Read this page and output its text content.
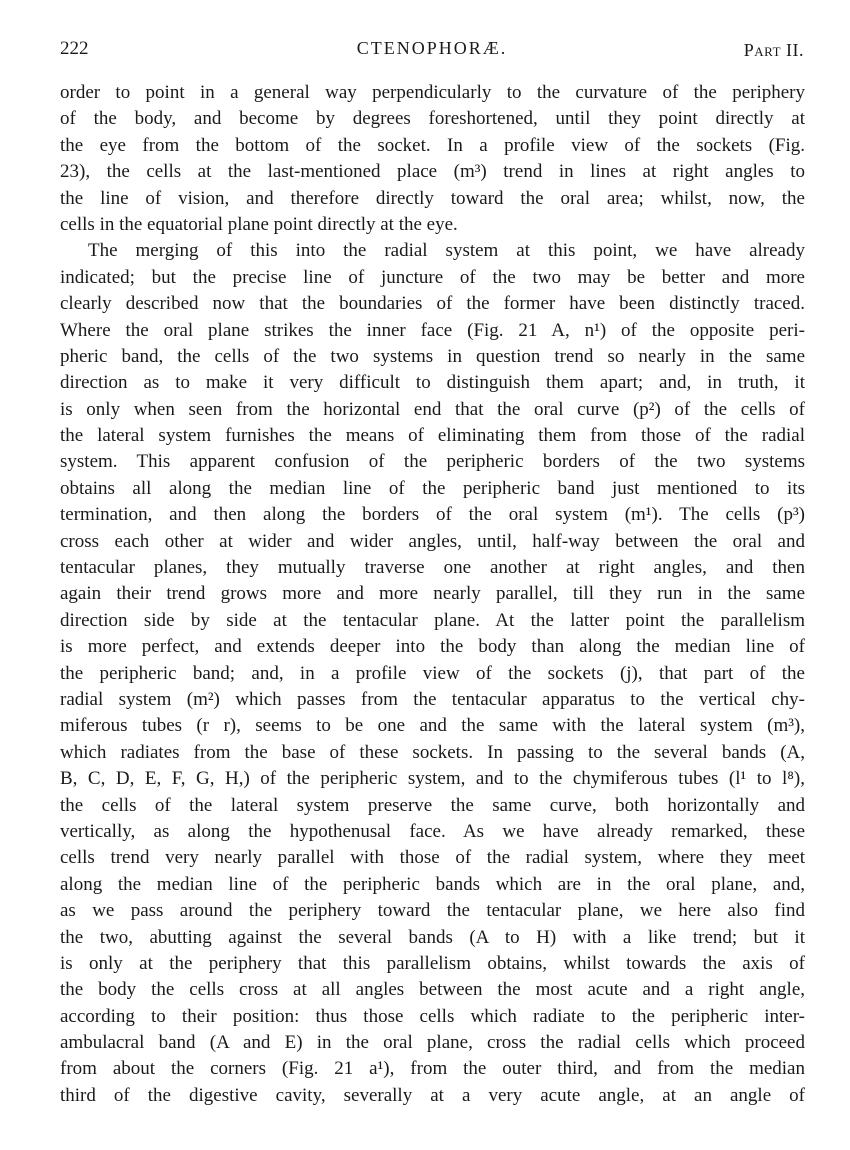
222	CTENOPHORÆ.	Part II.
order to point in a general way perpendicularly to the curvature of the periphery
of the body, and become by degrees foreshortened, until they point directly at
the eye from the bottom of the socket. In a profile view of the sockets (Fig.
23), the cells at the last-mentioned place (m³) trend in lines at right angles to
the line of vision, and therefore directly toward the oral area; whilst, now, the
cells in the equatorial plane point directly at the eye.
The merging of this into the radial system at this point, we have already
indicated; but the precise line of juncture of the two may be better and more
clearly described now that the boundaries of the former have been distinctly traced.
Where the oral plane strikes the inner face (Fig. 21 A, n¹) of the opposite peri-
pheric band, the cells of the two systems in question trend so nearly in the same
direction as to make it very difficult to distinguish them apart; and, in truth, it
is only when seen from the horizontal end that the oral curve (p²) of the cells of
the lateral system furnishes the means of eliminating them from those of the radial
system. This apparent confusion of the peripheric borders of the two systems
obtains all along the median line of the peripheric band just mentioned to its
termination, and then along the borders of the oral system (m¹). The cells (p³)
cross each other at wider and wider angles, until, half-way between the oral and
tentacular planes, they mutually traverse one another at right angles, and then
again their trend grows more and more nearly parallel, till they run in the same
direction side by side at the tentacular plane. At the latter point the parallelism
is more perfect, and extends deeper into the body than along the median line of
the peripheric band; and, in a profile view of the sockets (j), that part of the
radial system (m²) which passes from the tentacular apparatus to the vertical chy-
miferous tubes (r r), seems to be one and the same with the lateral system (m³),
which radiates from the base of these sockets. In passing to the several bands (A,
B, C, D, E, F, G, H,) of the peripheric system, and to the chymiferous tubes (l¹ to l⁸),
the cells of the lateral system preserve the same curve, both horizontally and
vertically, as along the hypothenusal face. As we have already remarked, these
cells trend very nearly parallel with those of the radial system, where they meet
along the median line of the peripheric bands which are in the oral plane, and,
as we pass around the periphery toward the tentacular plane, we here also find
the two, abutting against the several bands (A to H) with a like trend; but it
is only at the periphery that this parallelism obtains, whilst towards the axis of
the body the cells cross at all angles between the most acute and a right angle,
according to their position: thus those cells which radiate to the peripheric inter-
ambulacral band (A and E) in the oral plane, cross the radial cells which proceed
from about the corners (Fig. 21 a¹), from the outer third, and from the median
third of the digestive cavity, severally at a very acute angle, at an angle of
